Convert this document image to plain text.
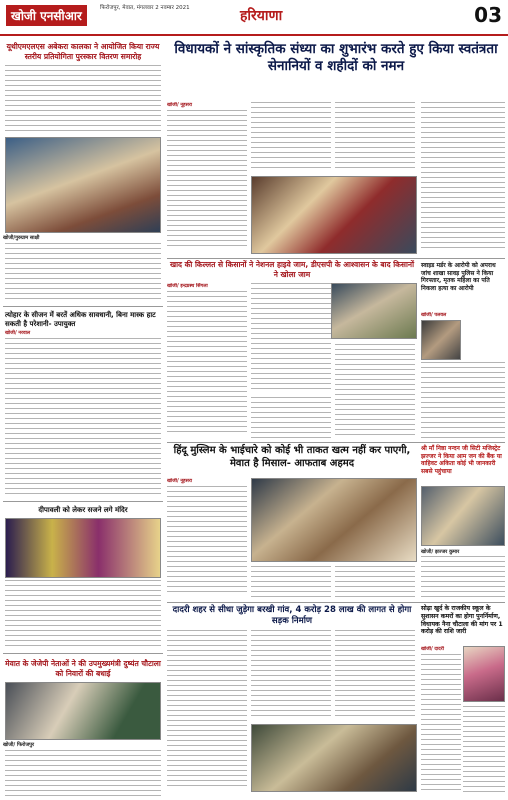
खोजी एनसीआर
फिरोजपुर, मेवात, मंगलवार 2 नवम्बर 2021	हरियाणा	03
यूथीएमएलएस अबेकरा कालका ने आयोजित किया राज्य स्तरीय प्रतियोगिता पुरस्कार वितरण समारोह
खोजी/गुरुग्राम साक्षी
त्योहार के सीजन में बरतें अधिक सावधानी, बिना मास्क हाट सकती है परेशानी- उपायुक्त
खोजी/ नरवाल
दीपावली को लेकर सजने लगे मंदिर
मेवात के जेजेपी नेताओं ने की उपमुख्यमंत्री दुष्यंत चौटाला को निवारों की बधाई
खोजी/ फिरोजपुर
विधायकों ने सांस्कृतिक संध्या का शुभारंभ करते हुए किया स्वतंत्रता सेनानियों व शहीदों को नमन
खोजी/ नूहसरा
खाद की किल्लत से किसानों ने नेशनल हाइवे जाम, डीएसपी के आश्वासन के बाद किसानों ने खोला जाम
खोजी/ इन्द्रप्रस्थ सिंगला
स्वाइड मर्डर के आरोपी को अपराध जांच शाखा सावड़ पुलिस ने किया गिरफ्तार, मृतक महिला का पति निकला हत्या का आरोपी
खोजी/ पलवल
हिंदू मुस्लिम के भाईचारे को कोई भी ताकत खत्म नहीं कर पाएगी, मेवात है मिसाल- आफताब अहमद
खोजी/ नूहसरा
श्री माँ निष्ठा नन्दन जी सिटी मजिस्ट्रेट झज्जर ने किया आम जन की बैंक या वाहिवट अकिता कोई भी जानकारी सबसे पहुंचाया
खोजी/ झज्जर कुमार
दादरी शहर से सीधा जुड़ेगा बरखी गांव, 4 करोड़ 28 लाख की लागत से होगा सड़क निर्माण
सोढ़ा खुर्द के राजकीय स्कूल के सुशासन कमरों का होगा पुनर्निर्माण, विधायक नैना चौटाला की मांग पर 1 करोड़ की राशि जारी
खोजी/ दादरी
